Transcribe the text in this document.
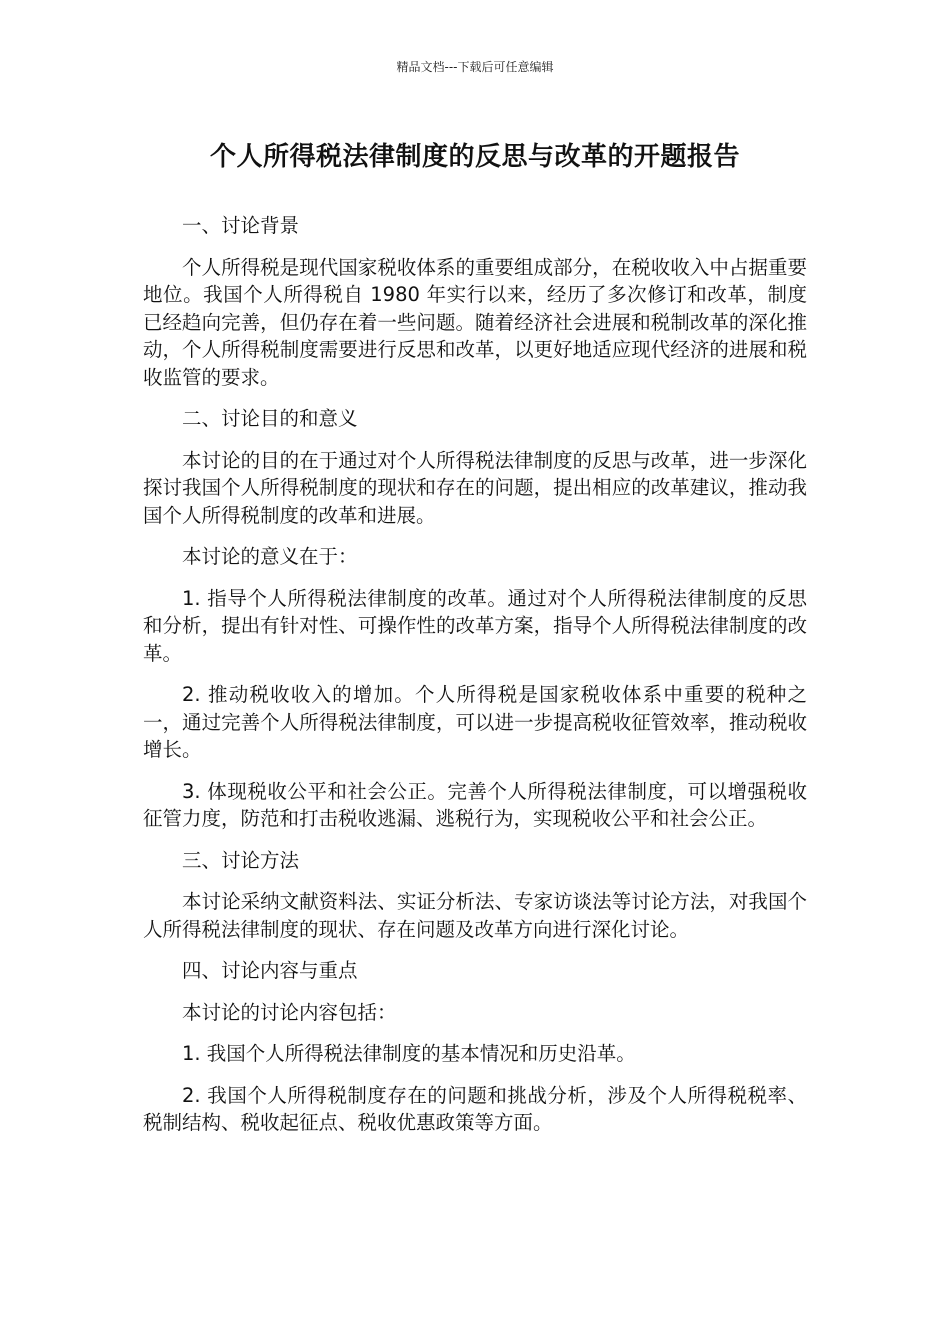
精品文档---下载后可任意编辑
个人所得税法律制度的反思与改革的开题报告

一、讨论背景

个人所得税是现代国家税收体系的重要组成部分，在税收收入中占据重要地位。我国个人所得税自 1980 年实行以来，经历了多次修订和改革，制度已经趋向完善，但仍存在着一些问题。随着经济社会进展和税制改革的深化推动，个人所得税制度需要进行反思和改革，以更好地适应现代经济的进展和税收监管的要求。

二、讨论目的和意义

本讨论的目的在于通过对个人所得税法律制度的反思与改革，进一步深化探讨我国个人所得税制度的现状和存在的问题，提出相应的改革建议，推动我国个人所得税制度的改革和进展。

本讨论的意义在于：

1. 指导个人所得税法律制度的改革。通过对个人所得税法律制度的反思和分析，提出有针对性、可操作性的改革方案，指导个人所得税法律制度的改革。

2. 推动税收收入的增加。个人所得税是国家税收体系中重要的税种之一，通过完善个人所得税法律制度，可以进一步提高税收征管效率，推动税收增长。

3. 体现税收公平和社会公正。完善个人所得税法律制度，可以增强税收征管力度，防范和打击税收逃漏、逃税行为，实现税收公平和社会公正。

三、讨论方法

本讨论采纳文献资料法、实证分析法、专家访谈法等讨论方法，对我国个人所得税法律制度的现状、存在问题及改革方向进行深化讨论。

四、讨论内容与重点

本讨论的讨论内容包括：

1. 我国个人所得税法律制度的基本情况和历史沿革。

2. 我国个人所得税制度存在的问题和挑战分析，涉及个人所得税税率、税制结构、税收起征点、税收优惠政策等方面。
